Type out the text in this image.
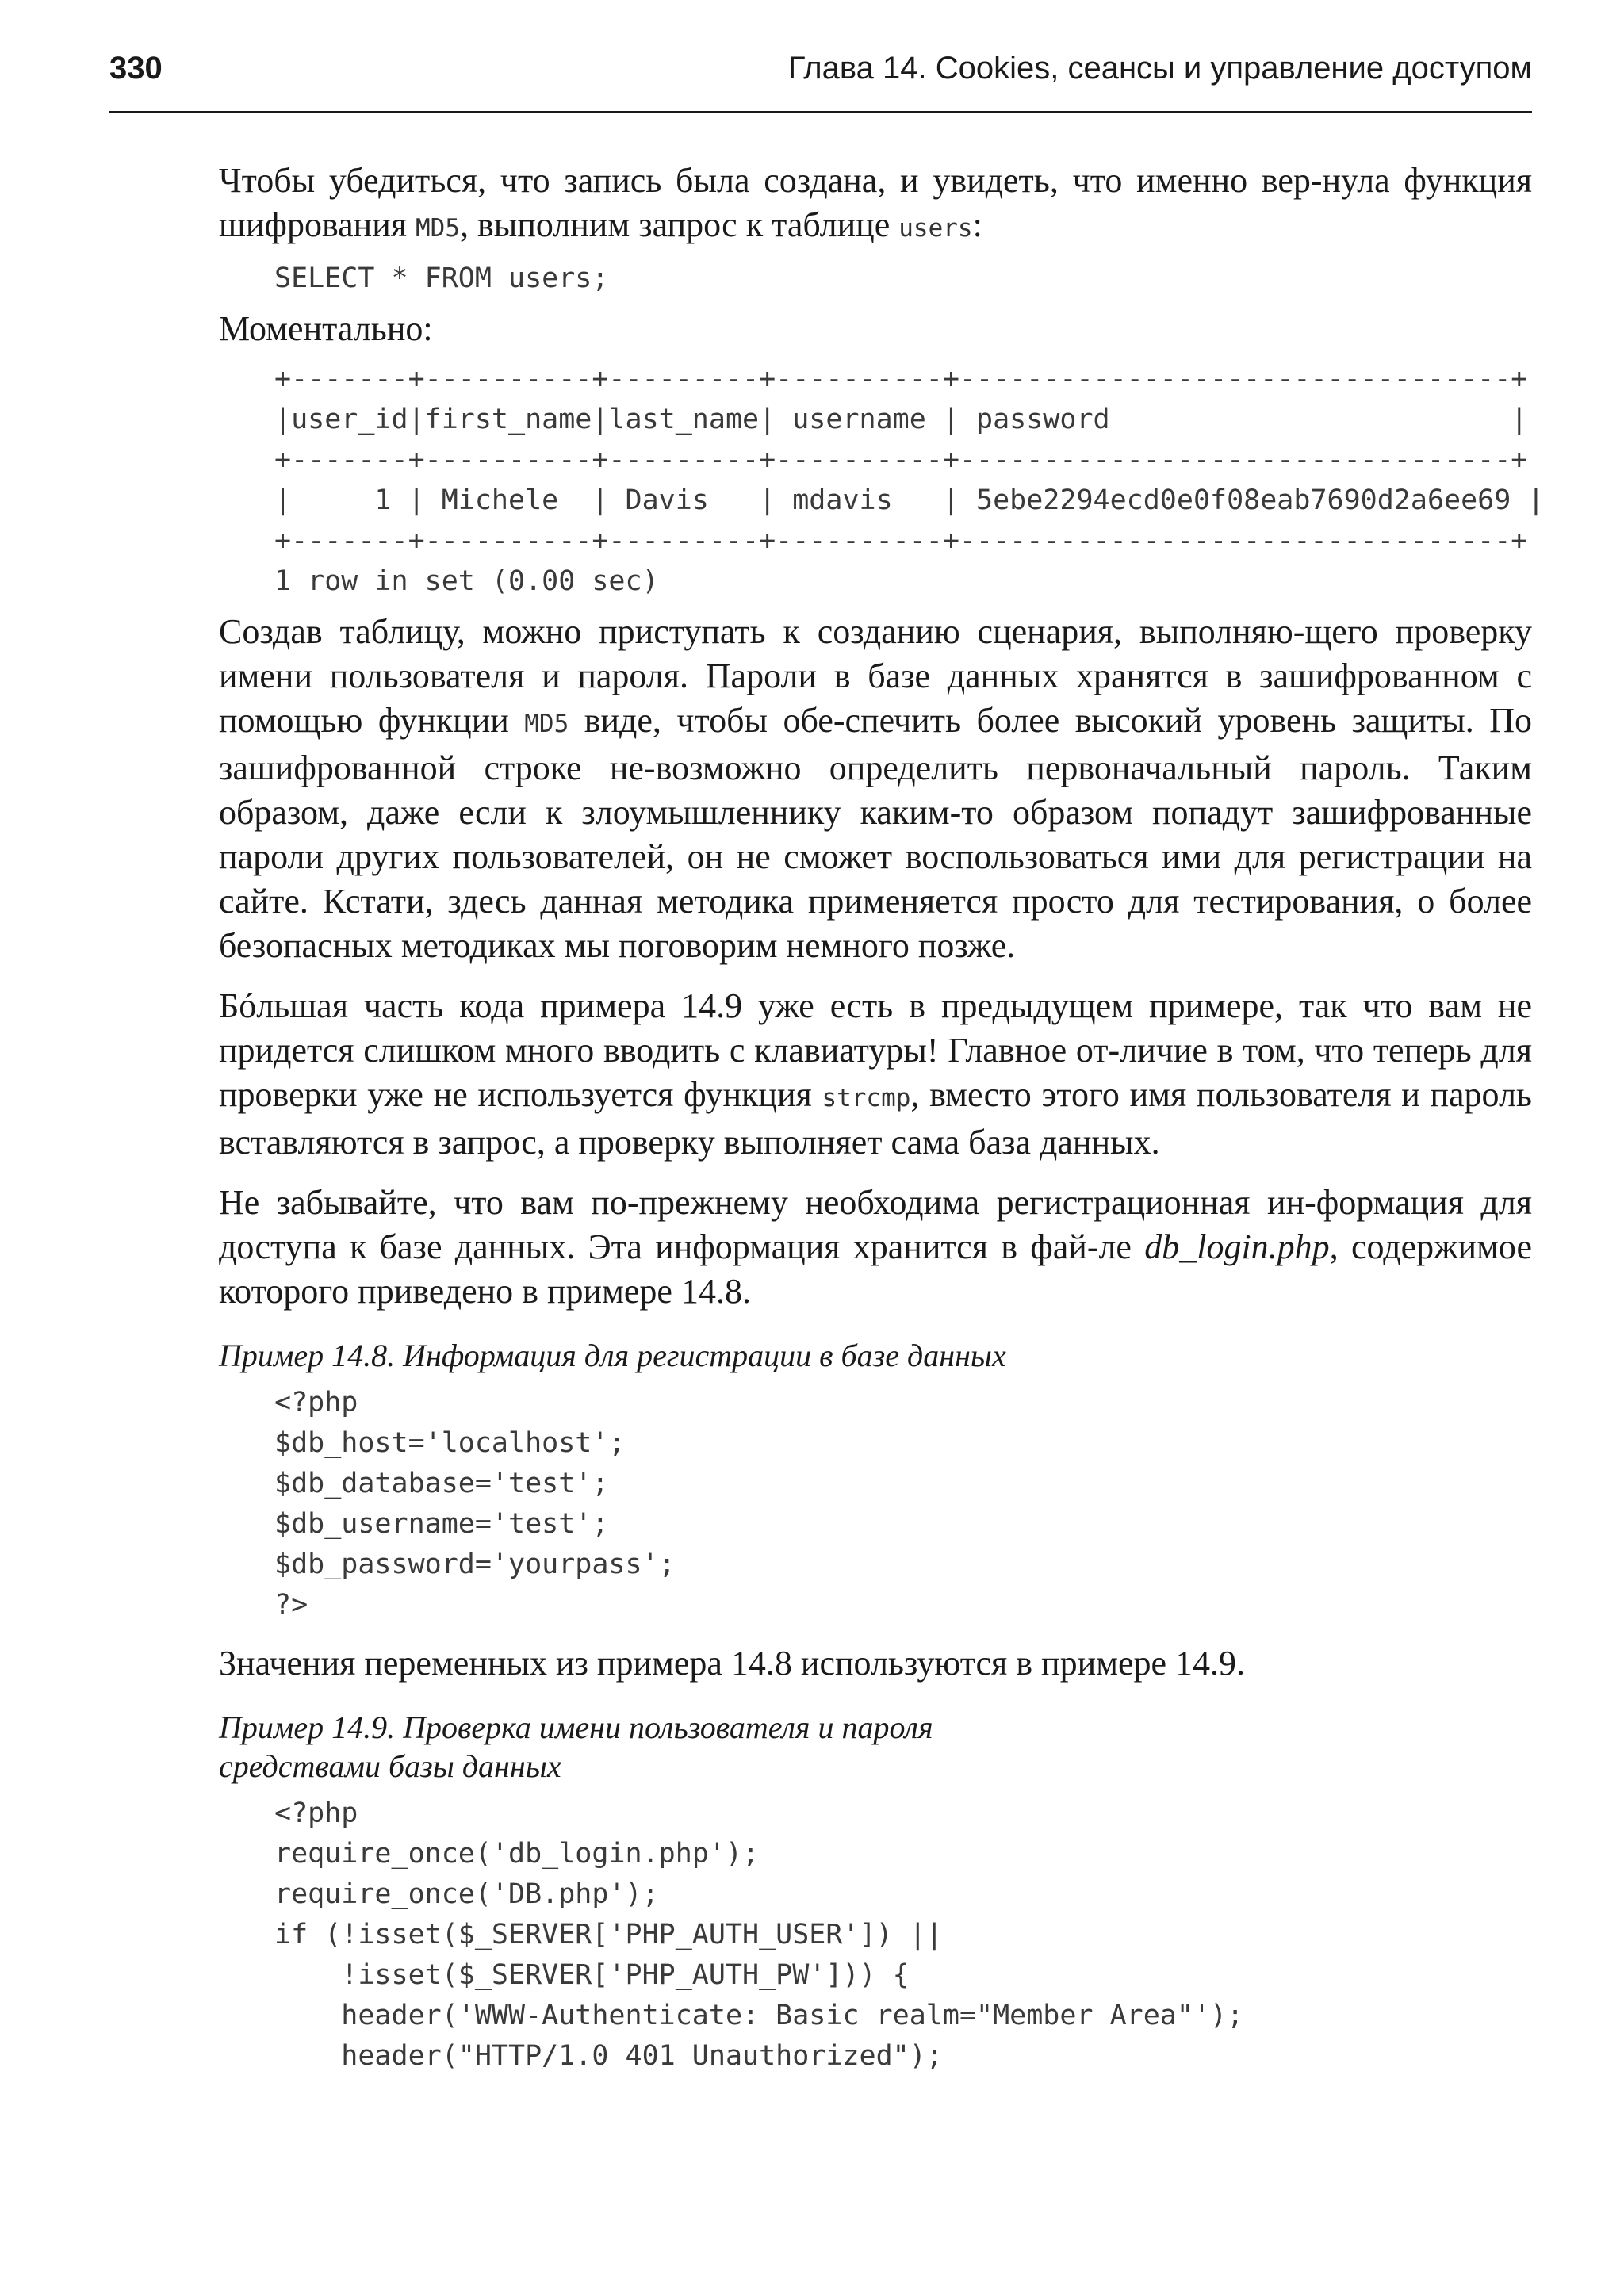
330	Глава 14. Cookies, сеансы и управление доступом

Чтобы убедиться, что запись была создана, и увидеть, что именно вер-нула функция шифрования MD5, выполним запрос к таблице users:

SELECT * FROM users;

Моментально:

+-------+----------+---------+----------+---------------------------------+
|user_id|first_name|last_name| username | password                        |
+-------+----------+---------+----------+---------------------------------+
|     1 | Michele  | Davis   | mdavis   | 5ebe2294ecd0e0f08eab7690d2a6ee69 |
+-------+----------+---------+----------+---------------------------------+
1 row in set (0.00 sec)

Создав таблицу, можно приступать к созданию сценария, выполняю-щего проверку имени пользователя и пароля. Пароли в базе данных хранятся в зашифрованном с помощью функции MD5 виде, чтобы обе-спечить более высокий уровень защиты. По зашифрованной строке не-возможно определить первоначальный пароль. Таким образом, даже если к злоумышленнику каким-то образом попадут зашифрованные пароли других пользователей, он не сможет воспользоваться ими для регистрации на сайте. Кстати, здесь данная методика применяется просто для тестирования, о более безопасных методиках мы поговорим немного позже.

Бóльшая часть кода примера 14.9 уже есть в предыдущем примере, так что вам не придется слишком много вводить с клавиатуры! Главное от-личие в том, что теперь для проверки уже не используется функция strcmp, вместо этого имя пользователя и пароль вставляются в запрос, а проверку выполняет сама база данных.

Не забывайте, что вам по-прежнему необходима регистрационная ин-формация для доступа к базе данных. Эта информация хранится в фай-ле db_login.php, содержимое которого приведено в примере 14.8.

Пример 14.8. Информация для регистрации в базе данных

<?php
$db_host='localhost';
$db_database='test';
$db_username='test';
$db_password='yourpass';
?>

Значения переменных из примера 14.8 используются в примере 14.9.

Пример 14.9. Проверка имени пользователя и пароля
средствами базы данных

<?php
require_once('db_login.php');
require_once('DB.php');
if (!isset($_SERVER['PHP_AUTH_USER']) ||
!isset($_SERVER['PHP_AUTH_PW'])) {
header('WWW-Authenticate: Basic realm="Member Area"');
header("HTTP/1.0 401 Unauthorized");
